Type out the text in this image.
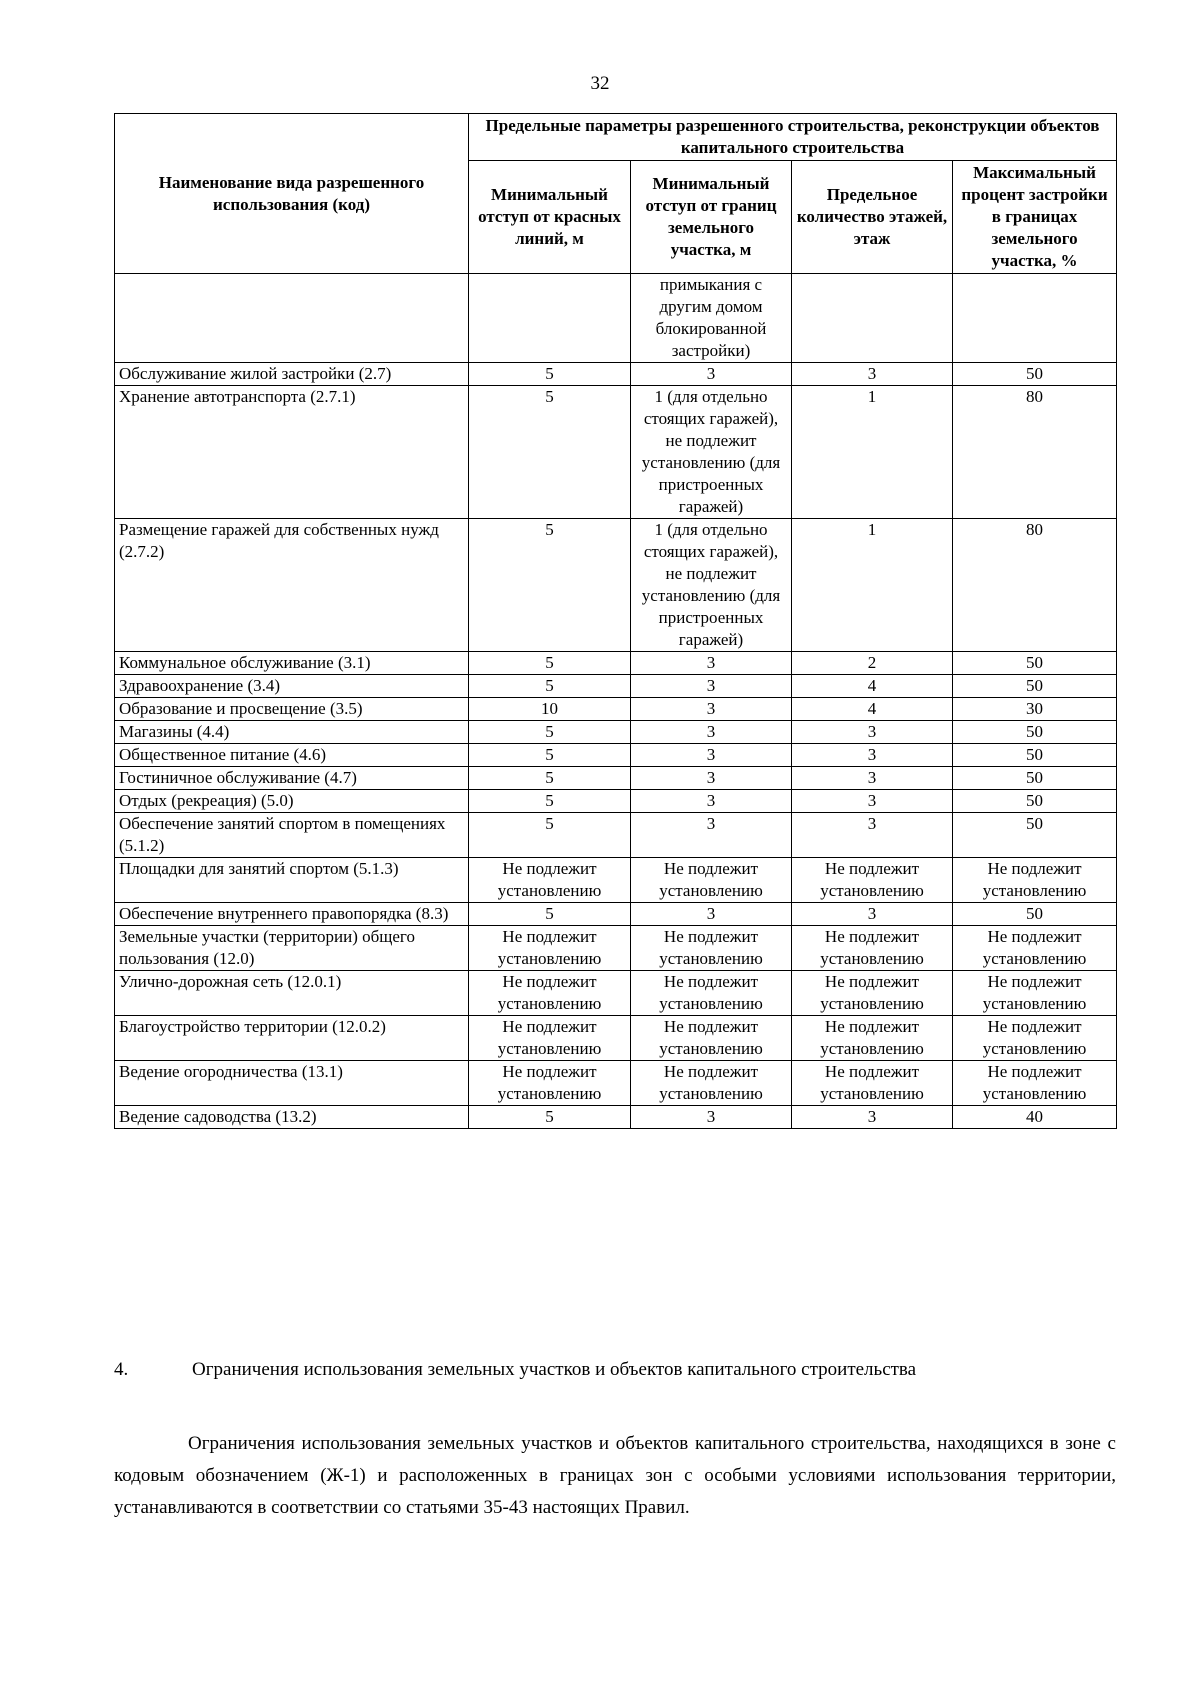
32
Наименование вида разрешенного использования (код)	Предельные параметры разрешенного строительства, реконструкции объектов капитального строительства			
	Минимальный отступ от красных линий, м	Минимальный отступ от границ земельного участка, м	Предельное количество этажей, этаж	Максимальный процент застройки в границах земельного участка, %
		примыкания с другим домом блокированной застройки)		
Обслуживание жилой застройки (2.7)	5	3	3	50
Хранение автотранспорта (2.7.1)	5	1 (для отдельно стоящих гаражей), не подлежит установлению (для пристроенных гаражей)	1	80
Размещение гаражей для собственных нужд (2.7.2)	5	1 (для отдельно стоящих гаражей), не подлежит установлению (для пристроенных гаражей)	1	80
Коммунальное обслуживание (3.1)	5	3	2	50
Здравоохранение (3.4)	5	3	4	50
Образование и просвещение (3.5)	10	3	4	30
Магазины (4.4)	5	3	3	50
Общественное питание (4.6)	5	3	3	50
Гостиничное обслуживание (4.7)	5	3	3	50
Отдых (рекреация) (5.0)	5	3	3	50
Обеспечение занятий спортом в помещениях (5.1.2)	5	3	3	50
Площадки для занятий спортом (5.1.3)	Не подлежит установлению	Не подлежит установлению	Не подлежит установлению	Не подлежит установлению
Обеспечение внутреннего правопорядка (8.3)	5	3	3	50
Земельные участки (территории) общего пользования (12.0)	Не подлежит установлению	Не подлежит установлению	Не подлежит установлению	Не подлежит установлению
Улично-дорожная сеть (12.0.1)	Не подлежит установлению	Не подлежит установлению	Не подлежит установлению	Не подлежит установлению
Благоустройство территории (12.0.2)	Не подлежит установлению	Не подлежит установлению	Не подлежит установлению	Не подлежит установлению
Ведение огородничества (13.1)	Не подлежит установлению	Не подлежит установлению	Не подлежит установлению	Не подлежит установлению
Ведение садоводства (13.2)	5	3	3	40

4.	Ограничения использования земельных участков и объектов капитального строительства

Ограничения использования земельных участков и объектов капитального строительства, находящихся в зоне с кодовым обозначением (Ж-1) и расположенных в границах зон с особыми условиями использования территории, устанавливаются в соответствии со статьями 35-43 настоящих Правил.
